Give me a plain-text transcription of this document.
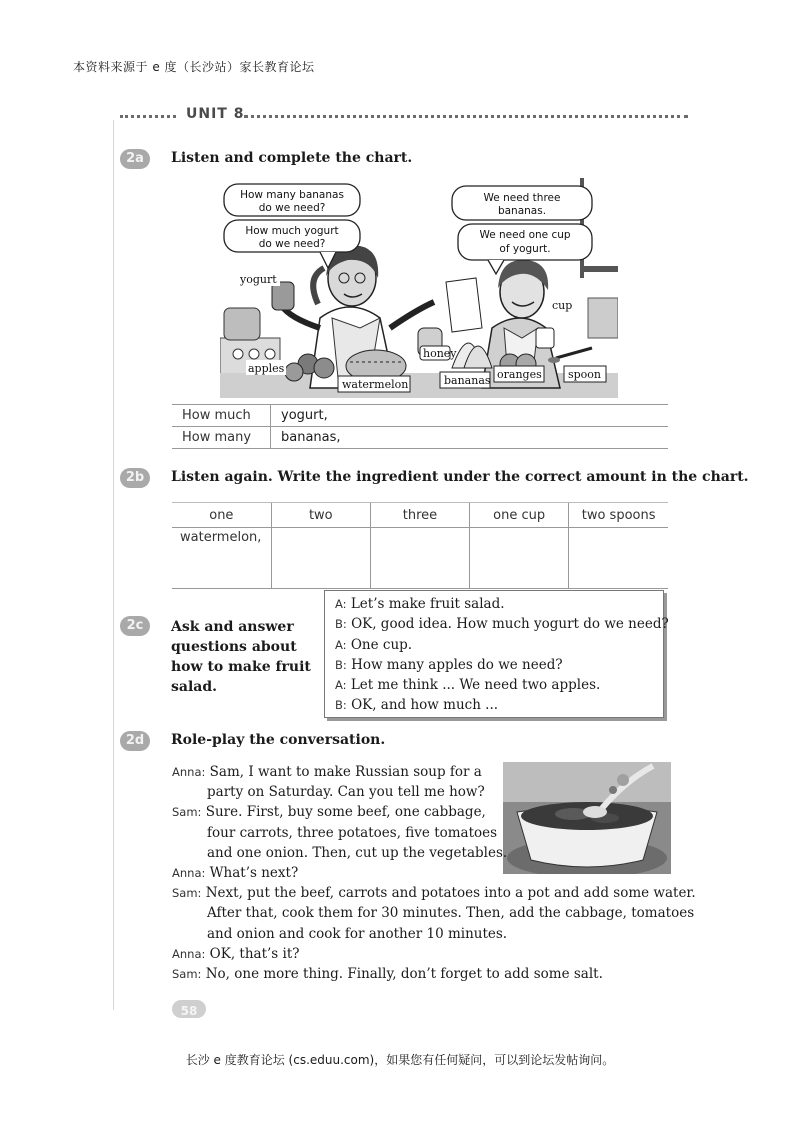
本资料来源于 e 度（长沙站）家长教育论坛
UNIT 8
2a	Listen and complete the chart.
How many bananas
do we need?
How much yogurt
do we need?
We need three
bananas.
We need one cup
of yogurt.
yogurt
cup
honey
apples
watermelon	bananas oranges spoon
How much	yogurt,
How many	bananas,
2b	Listen again. Write the ingredient under the correct amount in the chart.
one	two	three	one cup	two spoons
watermelon,				
2c	Ask and answer
questions about
how to make fruit
salad.
A: Let’s make fruit salad.
B: OK, good idea. How much yogurt do we need?
A: One cup.
B: How many apples do we need?
A: Let me think ... We need two apples.
B: OK, and how much ...
2d	Role-play the conversation.
Anna: Sam, I want to make Russian soup for a
party on Saturday. Can you tell me how?
Sam: Sure. First, buy some beef, one cabbage,
four carrots, three potatoes, five tomatoes
and one onion. Then, cut up the vegetables.
Anna: What’s next?
Sam: Next, put the beef, carrots and potatoes into a pot and add some water.
After that, cook them for 30 minutes. Then, add the cabbage, tomatoes
and onion and cook for another 10 minutes.
Anna: OK, that’s it?
Sam: No, one more thing. Finally, don’t forget to add some salt.
58
长沙 e 度教育论坛 (cs.eduu.com)，如果您有任何疑问，可以到论坛发帖询问。
